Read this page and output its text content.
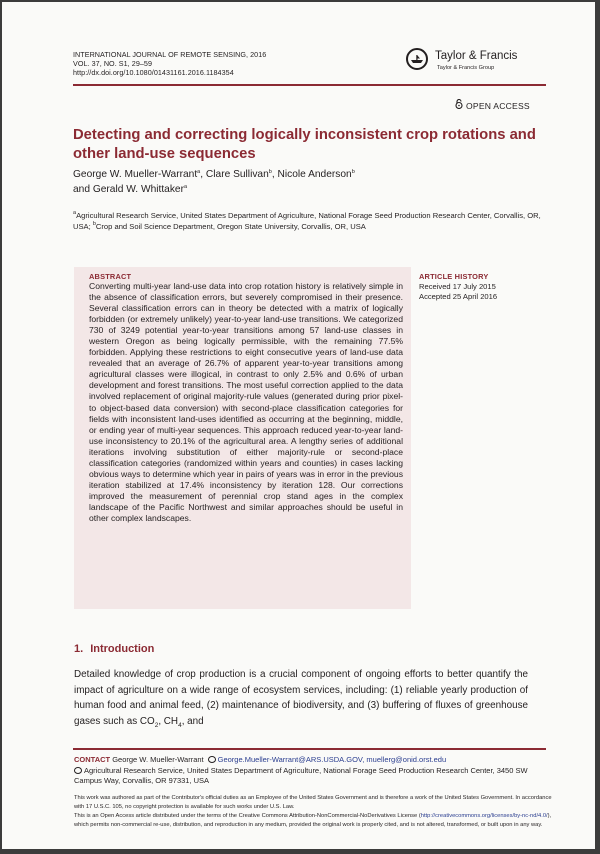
INTERNATIONAL JOURNAL OF REMOTE SENSING, 2016
VOL. 37, NO. S1, 29–59
http://dx.doi.org/10.1080/01431161.2016.1184354
Taylor & Francis
Taylor & Francis Group
OPEN ACCESS
Detecting and correcting logically inconsistent crop rotations and other land-use sequences
George W. Mueller-Warrant$^a$, Clare Sullivan$^b$, Nicole Anderson$^b$
and Gerald W. Whittaker$^a$
$^a$Agricultural Research Service, United States Department of Agriculture, National Forage Seed Production Research Center, Corvallis, OR, USA; $^b$Crop and Soil Science Department, Oregon State University, Corvallis, OR, USA
ABSTRACT
Converting multi-year land-use data into crop rotation history is relatively simple in the absence of classification errors, but severely compromised in their presence. Several classification errors can in theory be detected with a matrix of logically forbidden (or extremely unlikely) year-to-year land-use transitions. We categorized 730 of 3249 potential year-to-year transitions among 57 land-use classes in western Oregon as being logically permissible, with the remaining 77.5% forbidden. Applying these restrictions to eight consecutive years of land-use data revealed that an average of 26.7% of apparent year-to-year transitions among agricultural classes were illogical, in contrast to only 2.5% and 0.6% of urban development and forest transitions. The most useful correction applied to the data involved replacement of original majority-rule values (generated during prior pixel- to object-based data conversion) with second-place classification categories for fields with inconsistent land-uses identified as occurring at the beginning, middle, or ending year of multi-year sequences. This approach reduced year-to-year land-use inconsistency to 20.1% of the agricultural area. A lengthy series of additional iterations involving substitution of either majority-rule or second-place classification categories (randomized within years and counties) in cases lacking obvious ways to determine which year in pairs of years was in error in the previous iteration stabilized at 17.4% inconsistency by iteration 128. Our corrections improved the measurement of perennial crop stand ages in the complex landscape of the Pacific Northwest and similar approaches should be useful in other complex landscapes.
ARTICLE HISTORY
Received 17 July 2015
Accepted 25 April 2016
1. Introduction
Detailed knowledge of crop production is a crucial component of ongoing efforts to better quantify the impact of agriculture on a wide range of ecosystem services, including: (1) reliable yearly production of human food and animal feed, (2) maintenance of biodiversity, and (3) buffering of fluxes of greenhouse gases such as $CO_2$, $CH_4$, and
CONTACT George W. Mueller-Warrant George.Mueller-Warrant@ARS.USDA.GOV, muellerg@onid.orst.edu
Agricultural Research Service, United States Department of Agriculture, National Forage Seed Production Research Center, 3450 SW Campus Way, Corvallis, OR 97331, USA
This work was authored as part of the Contributor's official duties as an Employee of the United States Government and is therefore a work of the United States Government. In accordance with 17 U.S.C. 105, no copyright protection is available for such works under U.S. Law.
This is an Open Access article distributed under the terms of the Creative Commons Attribution-NonCommercial-NoDerivatives License (http://creativecommons.org/licenses/by-nc-nd/4.0/), which permits non-commercial re-use, distribution, and reproduction in any medium, provided the original work is properly cited, and is not altered, transformed, or built upon in any way.
